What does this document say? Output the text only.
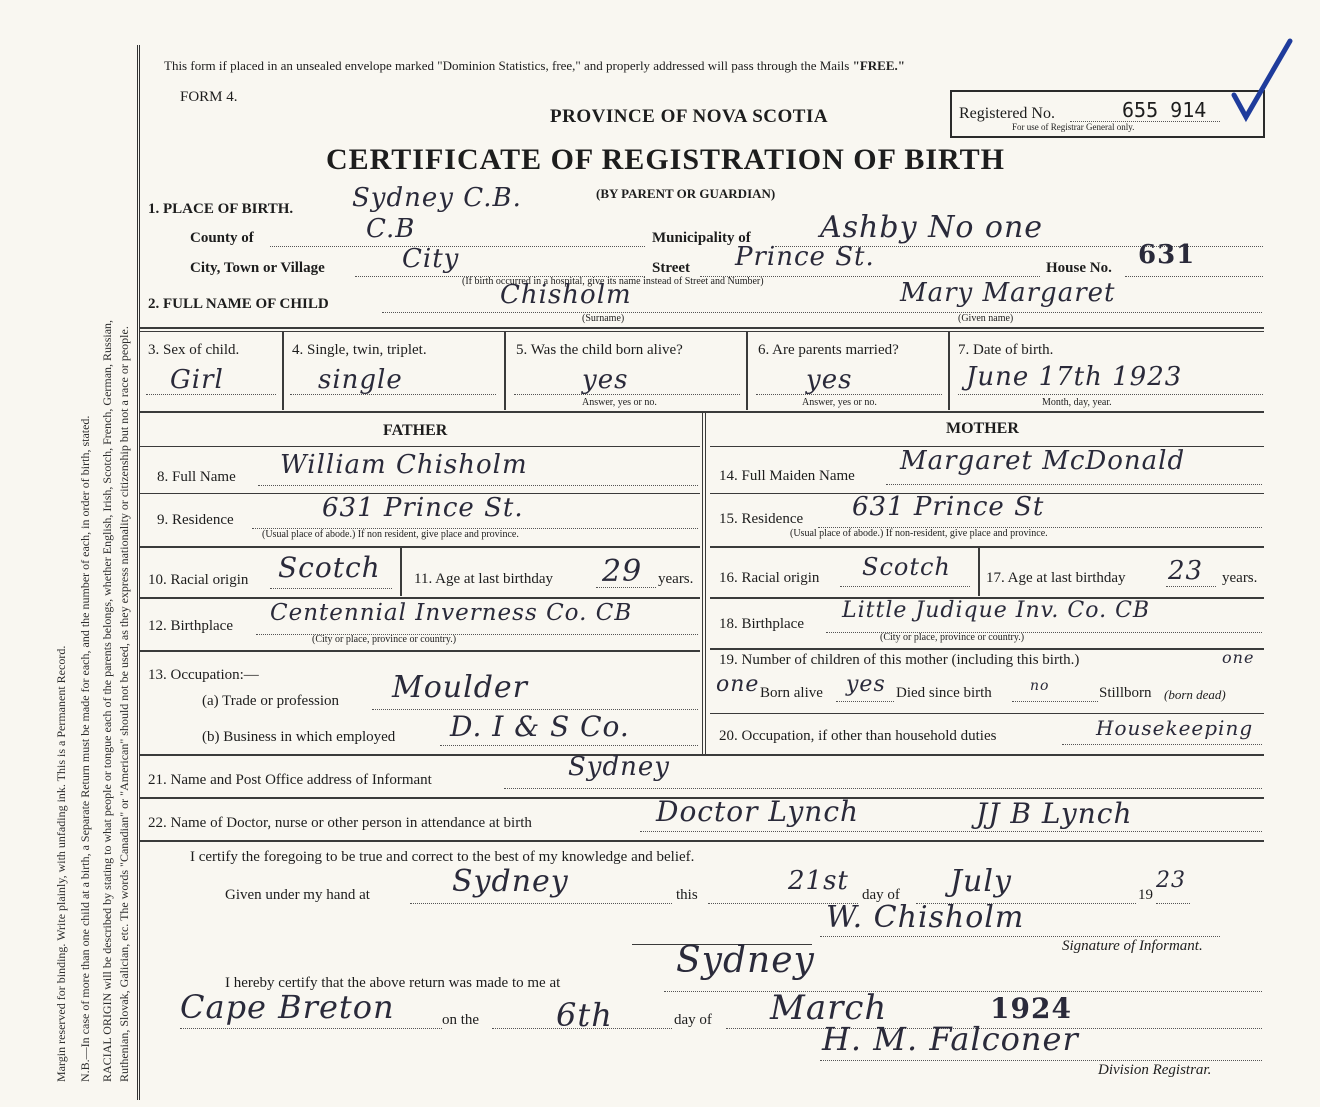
Margin reserved for binding. Write plainly, with unfading ink. This is a Permanent Record. N.B.—In case of more than one child at a birth, a Separate Return must be made for each, and the number of each, in order of birth, stated. RACIAL ORIGIN will be described by stating to what people or tongue each of the parents belongs, whether English, Irish, Scotch, French, German, Russian, Ruthenian, Slovak, Galician, etc. The words "Canadian" or "American" should not be used, as they express nationality or citizenship but not a race or people.
This form if placed in an unsealed envelope marked "Dominion Statistics, free," and properly addressed will pass through the Mails "FREE."
FORM 4.
PROVINCE OF NOVA SCOTIA
CERTIFICATE OF REGISTRATION OF BIRTH
(BY PARENT OR GUARDIAN)
Registered No.	655 914
For use of Registrar General only.
1. PLACE OF BIRTH. Sydney C.B.
County of	C.B	Municipality of Ashby No one
City, Town or Village	City	Street Prince St.
(If birth occurred in a hospital, give its name instead of Street and Number)
House No. 631
2. FULL NAME OF CHILD	Chisholm
(Surname)
Mary Margaret
(Given name)
3. Sex of child.
Girl
4. Single, twin, triplet.
single
5. Was the child born alive?
yes
Answer, yes or no.
6. Are parents married?
yes
Answer, yes or no.
7. Date of birth.
June 17th 1923
Month, day, year.
FATHER	MOTHER
8. Full Name William Chisholm
9. Residence	631 Prince St.
(Usual place of abode.) If non resident, give place and province.
10. Racial origin Scotch 11. Age at last birthday 29 years.
12. Birthplace Centennial Inverness Co. CB
(City or place, province or country.)
13. Occupation:—
(a) Trade or profession Moulder
(b) Business in which employed D. I & S Co.
14. Full Maiden Name Margaret McDonald
15. Residence 631 Prince St
(Usual place of abode.) If non-resident, give place and province.
16. Racial origin Scotch 17. Age at last birthday 23 years.
18. Birthplace
Little Judique Inv. Co. CB
(City or place, province or country.)
19. Number of children of this mother (including this birth.)	one
one Born alive yes Died since birth	no	Stillborn (born dead)
20. Occupation, if other than household duties	Housekeeping
21. Name and Post Office address of Informant	Sydney
22. Name of Doctor, nurse or other person in attendance at birth	Doctor Lynch	JJ B Lynch
I certify the foregoing to be true and correct to the best of my knowledge and belief.
Given under my hand at	Sydney	this	21st day of July	19
23
W. Chisholm
Signature of Informant.
I hereby certify that the above return was made to me at
Sydney
Cape Breton	on the 6th	day of March	1924
H. M. Falconer
Division Registrar.
